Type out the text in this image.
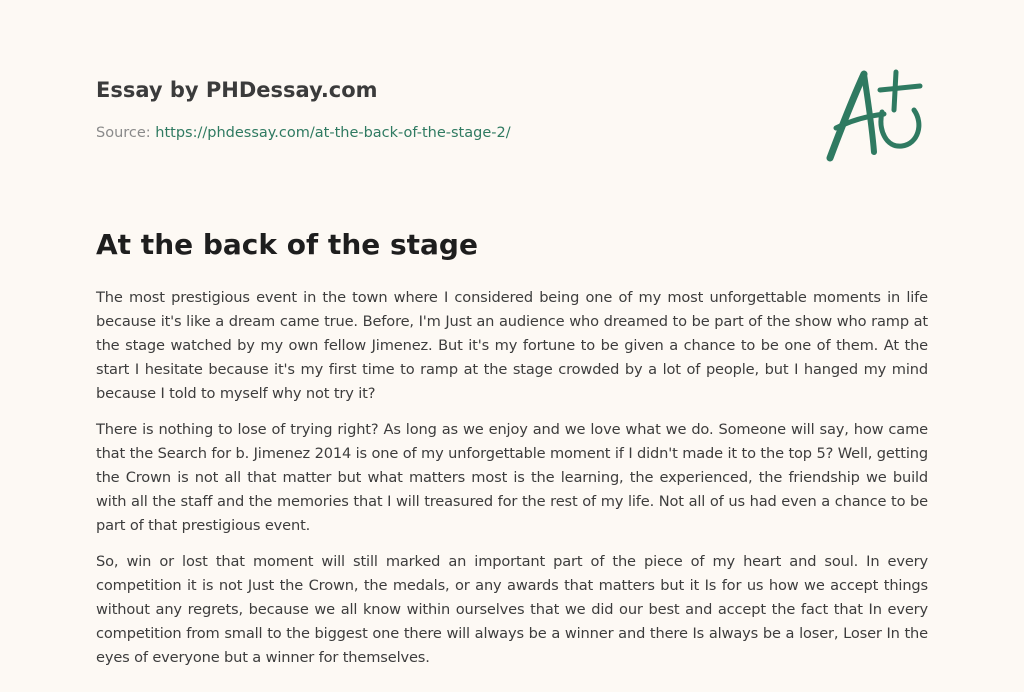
Essay by PHDessay.com
Source: https://phdessay.com/at-the-back-of-the-stage-2/
At the back of the stage

The most prestigious event in the town where I considered being one of my most unforgettable moments in life because it's like a dream came true. Before, I'm Just an audience who dreamed to be part of the show who ramp at the stage watched by my own fellow Jimenez. But it's my fortune to be given a chance to be one of them. At the start I hesitate because it's my first time to ramp at the stage crowded by a lot of people, but I hanged my mind because I told to myself why not try it?

There is nothing to lose of trying right? As long as we enjoy and we love what we do. Someone will say, how came that the Search for b. Jimenez 2014 is one of my unforgettable moment if I didn't made it to the top 5? Well, getting the Crown is not all that matter but what matters most is the learning, the experienced, the friendship we build with all the staff and the memories that I will treasured for the rest of my life. Not all of us had even a chance to be part of that prestigious event.

So, win or lost that moment will still marked an important part of the piece of my heart and soul. In every competition it is not Just the Crown, the medals, or any awards that matters but it Is for us how we accept things without any regrets, because we all know within ourselves that we did our best and accept the fact that In every competition from small to the biggest one there will always be a winner and there Is always be a loser, Loser In the eyes of everyone but a winner for themselves.
